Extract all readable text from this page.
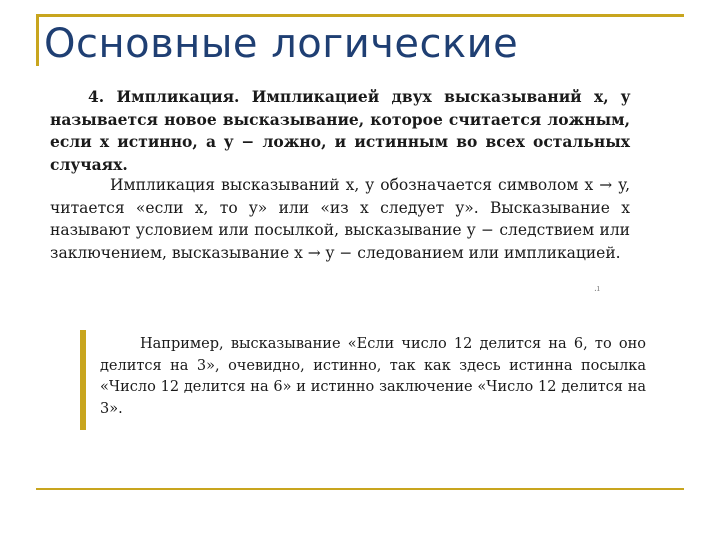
Основные логические

4. Импликация. Импликацией двух высказываний x, y называется новое высказывание, которое считается ложным, если x истинно, а y − ложно, и истинным во всех остальных случаях.

Импликация высказываний x, y обозначается символом x → y, читается «если x, то y» или «из x следует y». Высказывание x называют условием или посылкой, высказывание y − следствием или заключением, высказывание x → y − следованием или импликацией.

.ı

Например, высказывание «Если число 12 делится на 6, то оно делится на 3», очевидно, истинно, так как здесь истинна посылка «Число 12 делится на 6» и истинно заключение «Число 12 делится на 3».
